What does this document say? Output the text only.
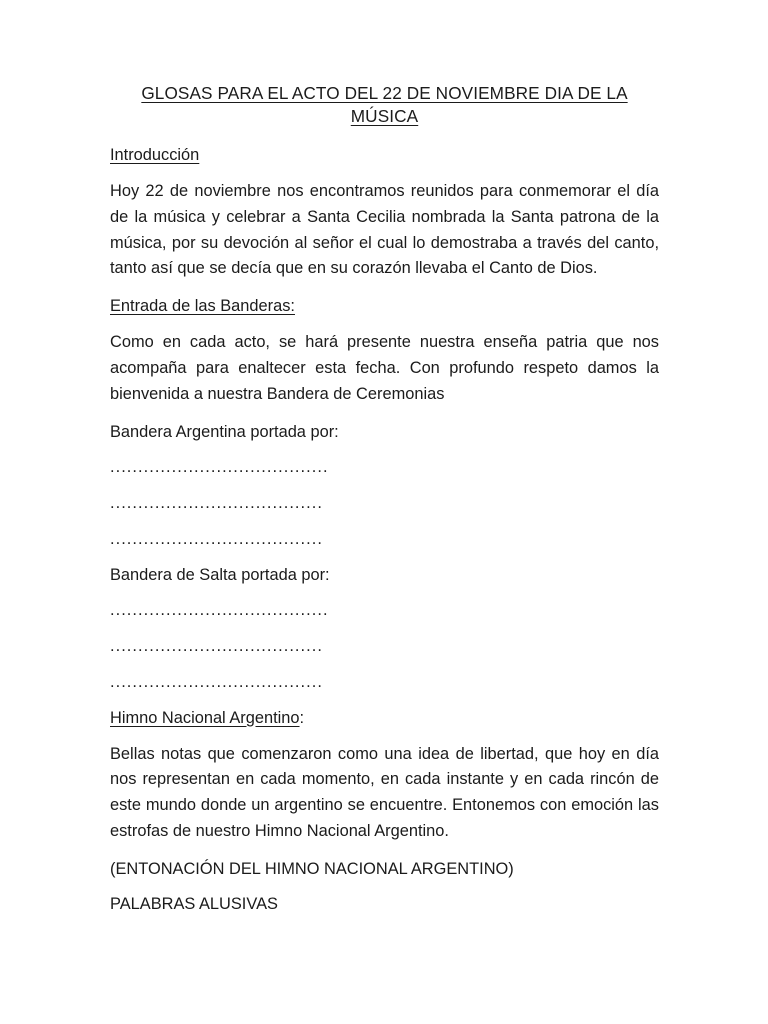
GLOSAS PARA EL ACTO DEL 22 DE NOVIEMBRE DIA DE LA
MÚSICA
Introducción

Hoy 22 de noviembre nos encontramos reunidos para conmemorar el día de la música y celebrar a Santa Cecilia nombrada la Santa patrona de la música, por su devoción al señor el cual lo demostraba a través del canto, tanto así que se decía que en su corazón llevaba el Canto de Dios.

Entrada de las Banderas:

Como en cada acto, se hará presente nuestra enseña patria que nos acompaña para enaltecer esta fecha. Con profundo respeto damos la bienvenida a nuestra Bandera de Ceremonias

Bandera Argentina portada por:

.......................................

......................................

......................................

Bandera de Salta portada por:

.......................................

......................................

......................................

Himno Nacional Argentino:

Bellas notas que comenzaron como una idea de libertad, que hoy en día nos representan en cada momento, en cada instante y en cada rincón de este mundo donde un argentino se encuentre. Entonemos con emoción las estrofas de nuestro Himno Nacional Argentino.

(ENTONACIÓN DEL HIMNO NACIONAL ARGENTINO)

PALABRAS ALUSIVAS
